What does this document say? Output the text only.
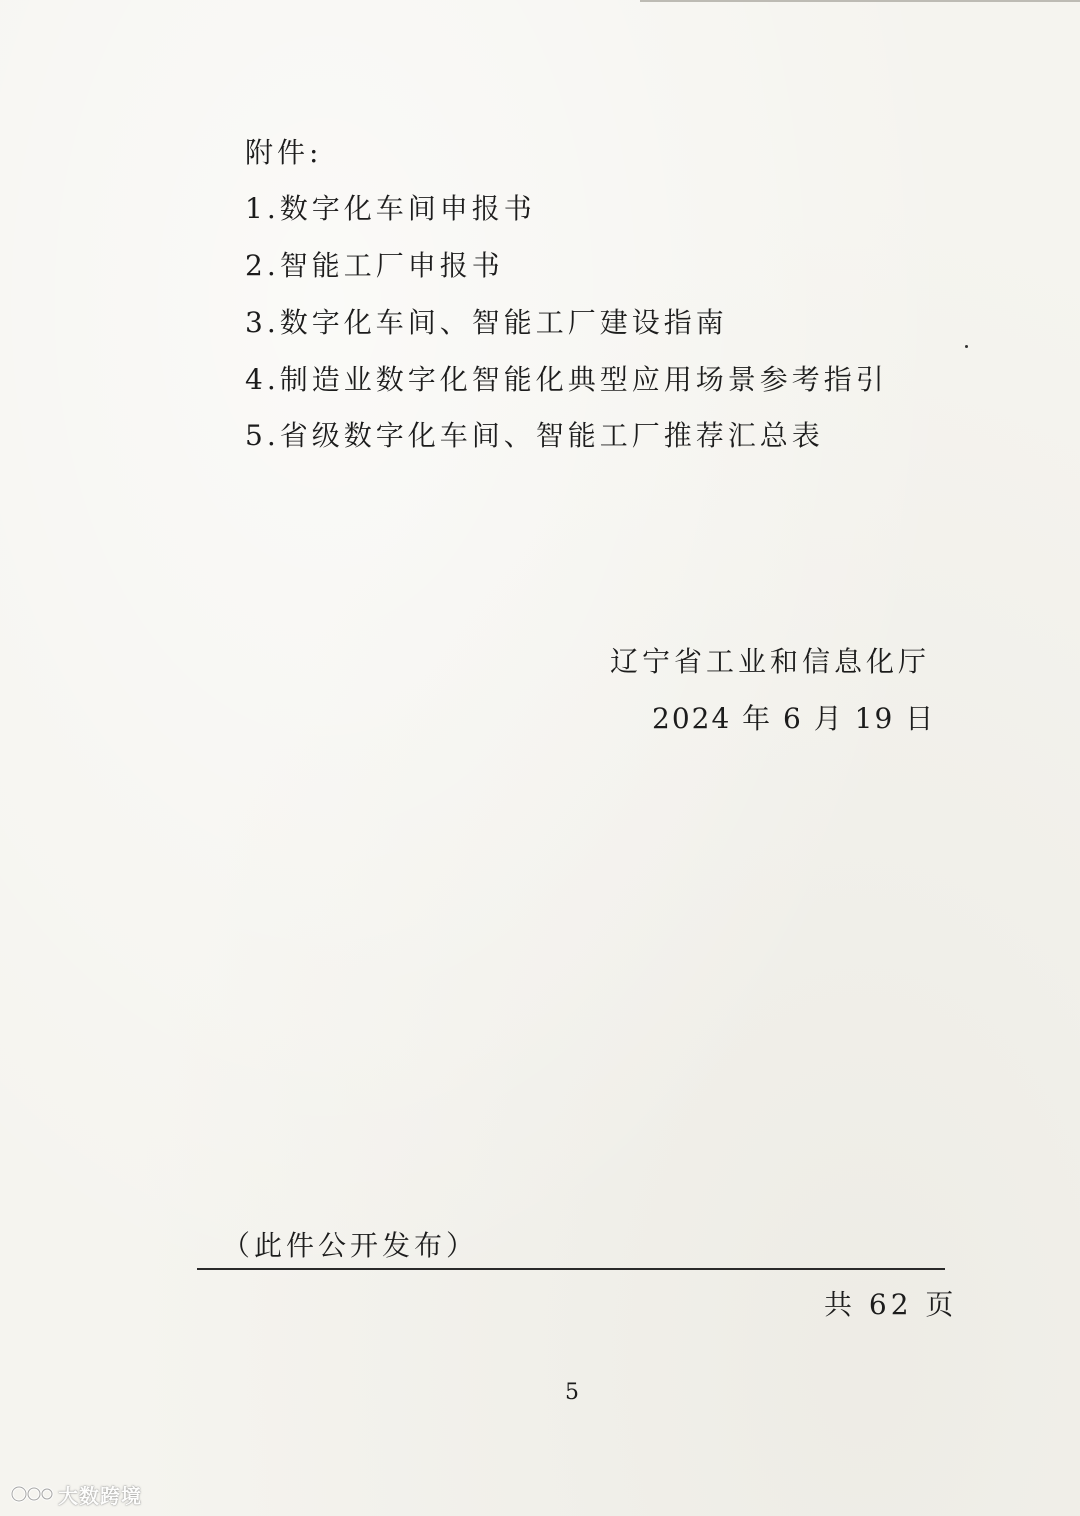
附件:
1.数字化车间申报书
2.智能工厂申报书
3.数字化车间、智能工厂建设指南
4.制造业数字化智能化典型应用场景参考指引
5.省级数字化车间、智能工厂推荐汇总表
辽宁省工业和信息化厅
2024 年 6 月 19 日
（此件公开发布）
共 62 页
5
大数跨境
